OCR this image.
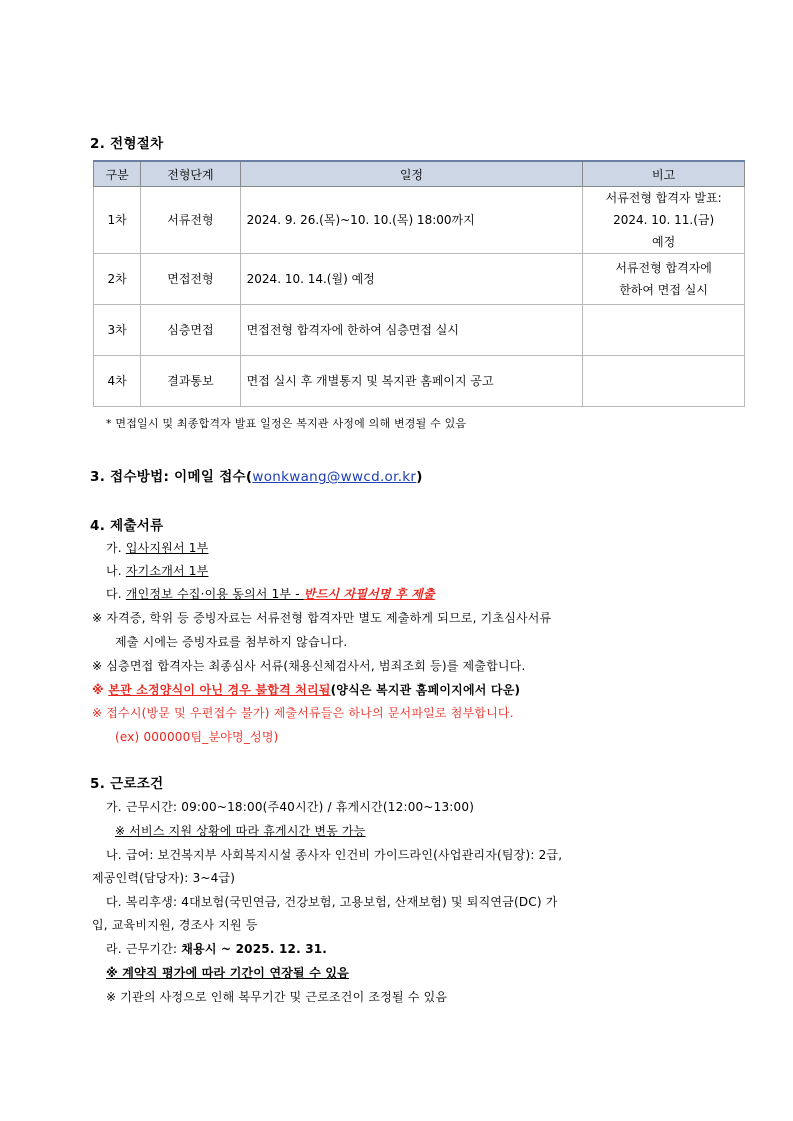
2. 전형절차
구분	전형단계	일정	비고
1차	서류전형	2024. 9. 26.(목)~10. 10.(목) 18:00까지	서류전형 합격자 발표:
2024. 10. 11.(금)
예정

2차	면접전형	2024. 10. 14.(월) 예정	서류전형 합격자에
한하여 면접 실시

3차	심층면접	면접전형 합격자에 한하여 심층면접 실시	
4차	결과통보	면접 실시 후 개별통지 및 복지관 홈페이지 공고	
* 면접일시 및 최종합격자 발표 일정은 복지관 사정에 의해 변경될 수 있음
3. 접수방법: 이메일 접수(wonkwang@wwcd.or.kr)
4. 제출서류
가. 입사지원서 1부
나. 자기소개서 1부
다. 개인정보 수집·이용 동의서 1부 - 반드시 자필서명 후 제출
※ 자격증, 학위 등 증빙자료는 서류전형 합격자만 별도 제출하게 되므로, 기초심사서류
제출 시에는 증빙자료를 첨부하지 않습니다.
※ 심층면접 합격자는 최종심사 서류(채용신체검사서, 범죄조회 등)를 제출합니다.
※ 본관 소정양식이 아닌 경우 불합격 처리됨(양식은 복지관 홈페이지에서 다운)
※ 접수시(방문 및 우편접수 불가) 제출서류들은 하나의 문서파일로 첨부합니다.
(ex) 000000팀_분야명_성명)
5. 근로조건
가. 근무시간: 09:00~18:00(주40시간) / 휴게시간(12:00~13:00)
※ 서비스 지원 상황에 따라 휴게시간 변동 가능
나. 급여: 보건복지부 사회복지시설 종사자 인건비 가이드라인(사업관리자(팀장): 2급,
제공인력(담당자): 3~4급)
다. 복리후생: 4대보험(국민연금, 건강보험, 고용보험, 산재보험) 및 퇴직연금(DC) 가
입, 교육비지원, 경조사 지원 등
라. 근무기간: 채용시 ~ 2025. 12. 31.
※ 계약직 평가에 따라 기간이 연장될 수 있음
※ 기관의 사정으로 인해 복무기간 및 근로조건이 조정될 수 있음
